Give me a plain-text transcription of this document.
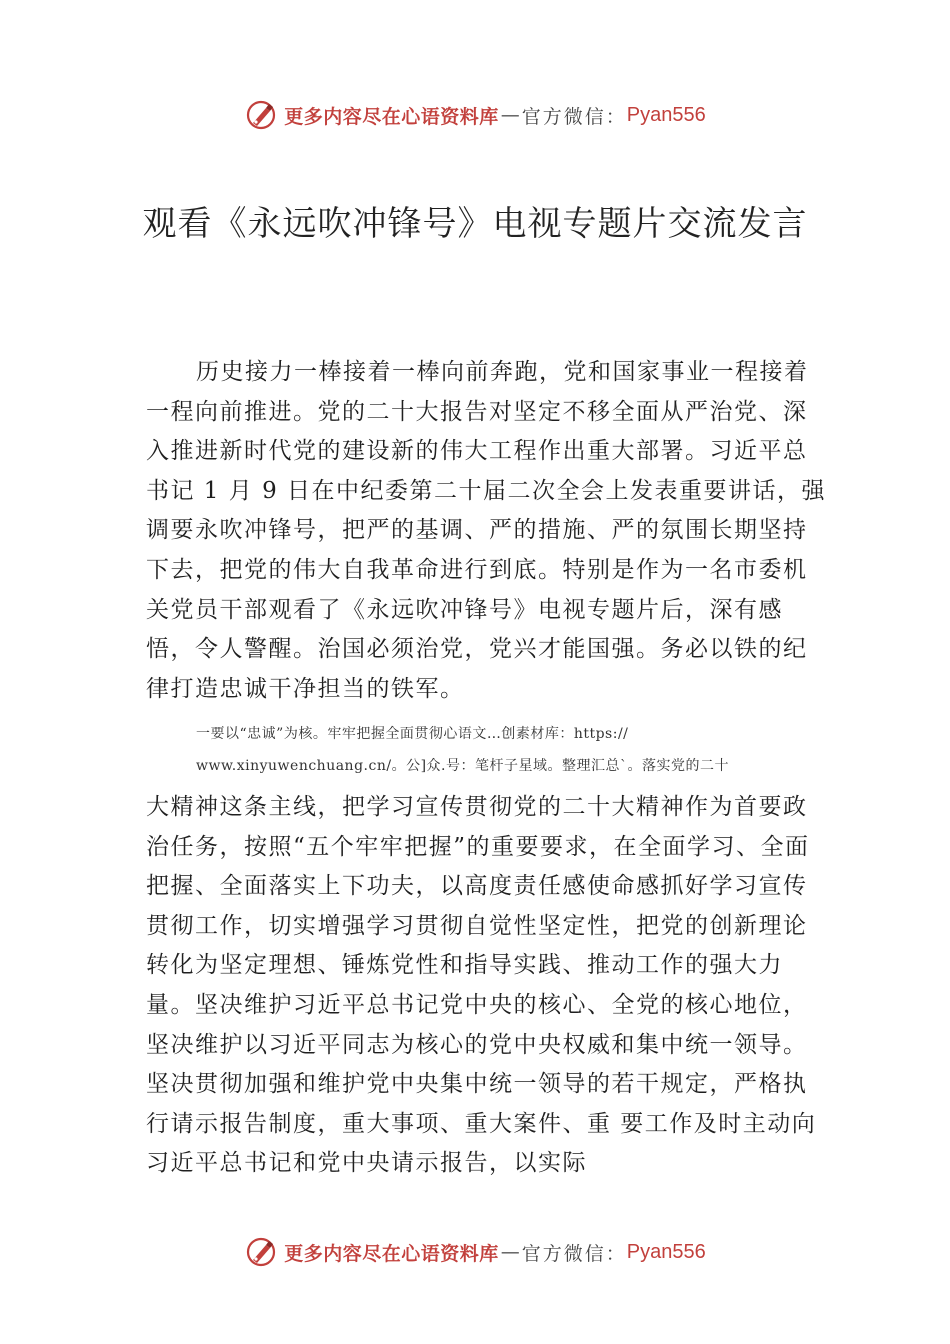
更多内容尽在心语资料库 — 官方微信： Pyan556
观看《永远吹冲锋号》电视专题片交流发言

历史接力一棒接着一棒向前奔跑，党和国家事业一程接着一程向前推进。党的二十大报告对坚定不移全面从严治党、深入推进新时代党的建设新的伟大工程作出重大部署。习近平总书记 1 月 9 日在中纪委第二十届二次全会上发表重要讲话，强调要永吹冲锋号，把严的基调、严的措施、严的氛围长期坚持下去，把党的伟大自我革命进行到底。特别是作为一名市委机关党员干部观看了《永远吹冲锋号》电视专题片后，深有感悟，令人警醒。治国必须治党，党兴才能国强。务必以铁的纪律打造忠诚干净担当的铁军。

一要以“忠诚”为核。牢牢把握全面贯彻心语文…创素材库：https://

www.xinyuwenchuang.cn/。公]众.号：笔杆子星域。整理汇总`。落实党的二十

大精神这条主线，把学习宣传贯彻党的二十大精神作为首要政治任务，按照“五个牢牢把握”的重要要求，在全面学习、全面把握、全面落实上下功夫，以高度责任感使命感抓好学习宣传贯彻工作，切实增强学习贯彻自觉性坚定性，把党的创新理论转化为坚定理想、锤炼党性和指导实践、推动工作的强大力量。坚决维护习近平总书记党中央的核心、全党的核心地位，坚决维护以习近平同志为核心的党中央权威和集中统一领导。坚决贯彻加强和维护党中央集中统一领导的若干规定，严格执行请示报告制度，重大事项、重大案件、重 要工作及时主动向习近平总书记和党中央请示报告，以实际

更多内容尽在心语资料库 — 官方微信： Pyan556
